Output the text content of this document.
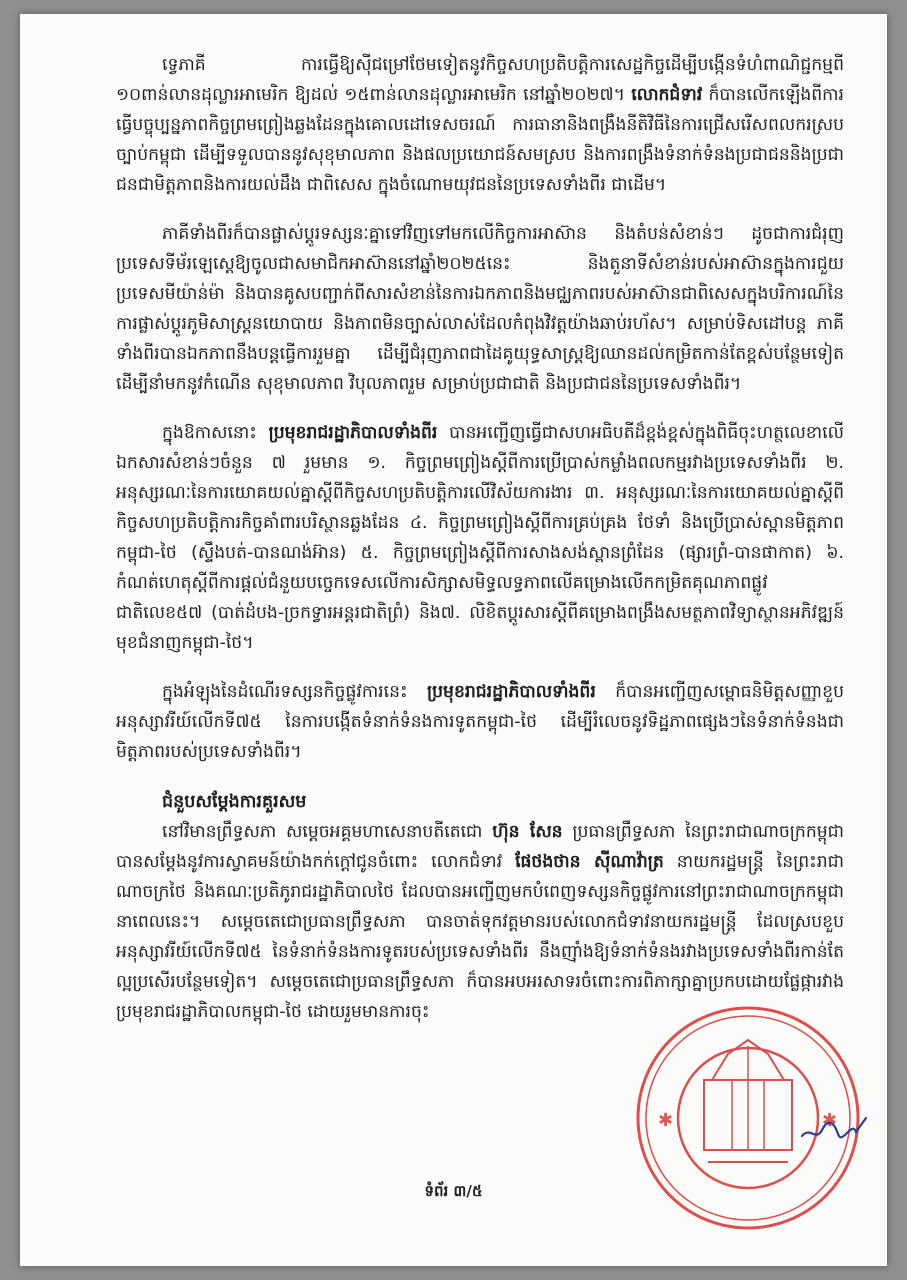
ទ្វេភាគី ការធ្វើឱ្យស៊ីជម្រៅថែមទៀតនូវកិច្ចសហប្រតិបត្តិការសេដ្ឋកិច្ចដើម្បីបង្កើនទំហំពាណិជ្ជកម្មពី ១០ពាន់លានដុល្លារអាមេរិក ឱ្យដល់ ១៥ពាន់លានដុល្លារអាមេរិក នៅឆ្នាំ២០២៧។ លោកជំទាវ ក៏បានលើកឡើងពីការធ្វើបច្ចុប្បន្នភាពកិច្ចព្រមព្រៀងឆ្លងដែនក្នុងគោលដៅទេសចរណ៍ ការធានានិងពង្រឹងនីតិវិធីនៃការជ្រើសរើសពលករស្របច្បាប់កម្ពុជា ដើម្បីទទួលបាននូវសុខុមាលភាព និងផលប្រយោជន៍សមស្រប និងការពង្រឹងទំនាក់ទំនងប្រជាជននិងប្រជាជនជាមិត្តភាពនិងការយល់ដឹង ជាពិសេស ក្នុងចំណោមយុវជននៃប្រទេសទាំងពីរ ជាដើម។

ភាគីទាំងពីរក៏បានផ្លាស់ប្ដូរទស្សនៈគ្នាទៅវិញទៅមកលើកិច្ចការអាស៊ាន និងតំបន់សំខាន់ៗ ដូចជាការជំរុញប្រទេសទីម័រឡេស្តេឱ្យចូលជាសមាជិកអាស៊ាននៅឆ្នាំ២០២៥នេះ និងតួនាទីសំខាន់របស់អាស៊ានក្នុងការជួយប្រទេសមីយ៉ាន់ម៉ា និងបានគូសបញ្ជាក់ពីសារសំខាន់នៃការឯកភាពនិងមជ្ឈភាពរបស់អាស៊ានជាពិសេសក្នុងបរិការណ៍នៃការផ្លាស់ប្តូរភូមិសាស្ត្រនយោបាយ និងភាពមិនច្បាស់លាស់ដែលកំពុងវិវត្តយ៉ាងឆាប់រហ័ស។ សម្រាប់ទិសដៅបន្ត ភាគីទាំងពីរបានឯកភាពនឹងបន្តធ្វើការរួមគ្នា ដើម្បីជំរុញភាពជាដៃគូយុទ្ធសាស្ត្រឱ្យឈានដល់កម្រិតកាន់តែខ្ពស់បន្ថែមទៀត ដើម្បីនាំមកនូវកំណើន សុខុមាលភាព វិបុលភាពរួម សម្រាប់ប្រជាជាតិ និងប្រជាជននៃប្រទេសទាំងពីរ។

ក្នុងឱកាសនោះ ប្រមុខរាជរដ្ឋាភិបាលទាំងពីរ បានអញ្ជើញធ្វើជាសហអធិបតីដ៏ខ្ពង់ខ្ពស់ក្នុងពិធីចុះហត្ថលេខាលើឯកសារសំខាន់ៗចំនួន ៧ រួមមាន ១. កិច្ចព្រមព្រៀងស្ដីពីការប្រើប្រាស់កម្លាំងពលកម្មរវាងប្រទេសទាំងពីរ ២. អនុស្សរណៈនៃការយោគយល់គ្នាស្ដីពីកិច្ចសហប្រតិបត្តិការលើវិស័យការងារ ៣. អនុស្សរណៈនៃការយោគយល់គ្នាស្ដីពីកិច្ចសហប្រតិបត្តិការកិច្ចគាំពារបរិស្ថានឆ្លងដែន ៤. កិច្ចព្រមព្រៀងស្ដីពីការគ្រប់គ្រង ថែទាំ និងប្រើប្រាស់ស្ពានមិត្តភាពកម្ពុជា-ថៃ (ស្ទឹងបត់-បានណង់អ៊ាន) ៥. កិច្ចព្រមព្រៀងស្ដីពីការសាងសង់ស្ពានព្រំដែន (ផ្សារព្រំ-បានផាកាត) ៦. កំណត់ហេតុស្ដីពីការផ្ដល់ជំនួយបច្ចេកទេសលើការសិក្សាសមិទ្ធលទ្ធភាពលើគម្រោងលើកកម្រិតគុណភាពផ្លូវជាតិលេខ៥៧ (បាត់ដំបង-ច្រកទ្វារអន្តរជាតិព្រំ) និង៧. លិខិតប្ដូរសារស្ដីពីគម្រោងពង្រឹងសមត្ថភាពវិទ្យាស្ថានអភិវឌ្ឍន៍មុខជំនាញកម្ពុជា-ថៃ។

ក្នុងអំឡុងនៃដំណើរទស្សនកិច្ចផ្លូវការនេះ ប្រមុខរាជរដ្ឋាភិបាលទាំងពីរ ក៏បានអញ្ជើញសម្ពោធនិមិត្តសញ្ញាខួបអនុស្សាវរីយ៍លើកទី៧៥ នៃការបង្កើតទំនាក់ទំនងការទូតកម្ពុជា-ថៃ ដើម្បីរំលេចនូវទិដ្ឋភាពផ្សេងៗនៃទំនាក់ទំនងជាមិត្តភាពរបស់ប្រទេសទាំងពីរ។

ជំនួបសម្ដែងការគួរសម

នៅវិមានព្រឹទ្ធសភា សម្ដេចអគ្គមហាសេនាបតីតេជោ ហ៊ុន សែន ប្រធានព្រឹទ្ធសភា នៃព្រះរាជាណាចក្រកម្ពុជា បានសម្ដែងនូវការស្វាគមន៍យ៉ាងកក់ក្ដៅជូនចំពោះ លោកជំទាវ ផែថងថាន ស៊ីណាវ៉ាត្រ នាយករដ្ឋមន្ត្រី នៃព្រះរាជាណាចក្រថៃ និងគណៈប្រតិភូរាជរដ្ឋាភិបាលថៃ ដែលបានអញ្ជើញមកបំពេញទស្សនកិច្ចផ្លូវការនៅព្រះរាជាណាចក្រកម្ពុជា នាពេលនេះ។ សម្ដេចតេជោប្រធានព្រឹទ្ធសភា បានចាត់ទុកវត្តមានរបស់លោកជំទាវនាយករដ្ឋមន្ត្រី ដែលស្របខួបអនុស្សាវរីយ៍លើកទី៧៥ នៃទំនាក់ទំនងការទូតរបស់ប្រទេសទាំងពីរ នឹងញ៉ាំងឱ្យទំនាក់ទំនងរវាងប្រទេសទាំងពីរកាន់តែល្អប្រសើរបន្ថែមទៀត។ សម្ដេចតេជោប្រធានព្រឹទ្ធសភា ក៏បានអបអរសាទរចំពោះការពិភាក្សាគ្នាប្រកបដោយផ្លែផ្ការវាង ប្រមុខរាជរដ្ឋាភិបាលកម្ពុជា-ថៃ ដោយរួមមានការចុះ

✱	✱
ទំព័រ ៣/៥
